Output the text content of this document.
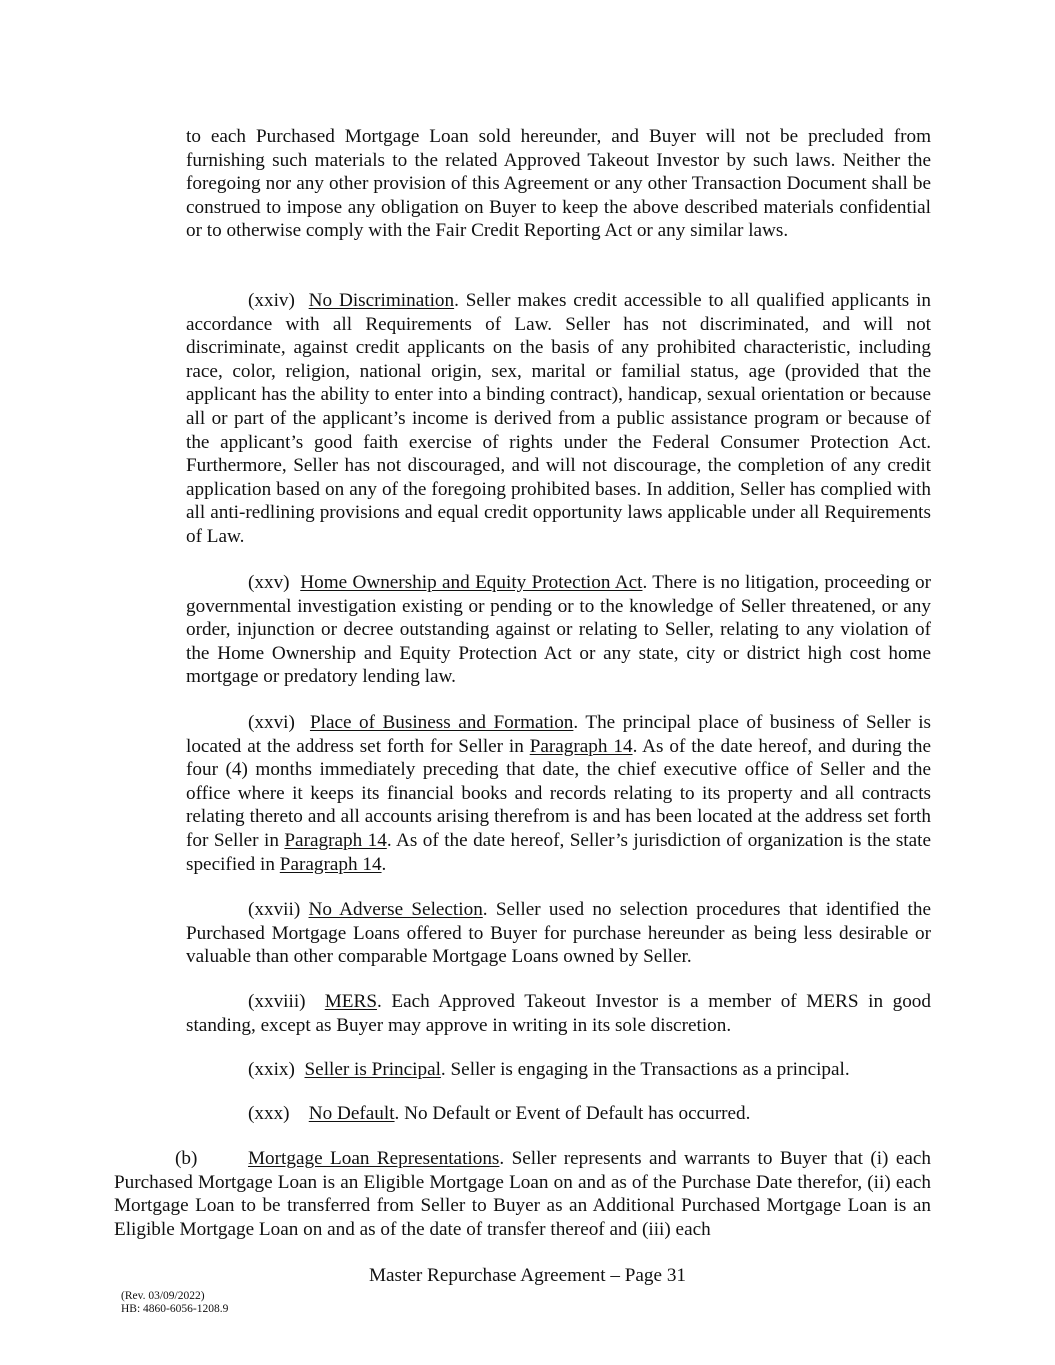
to each Purchased Mortgage Loan sold hereunder, and Buyer will not be precluded from furnishing such materials to the related Approved Takeout Investor by such laws. Neither the foregoing nor any other provision of this Agreement or any other Transaction Document shall be construed to impose any obligation on Buyer to keep the above described materials confidential or to otherwise comply with the Fair Credit Reporting Act or any similar laws.

(xxiv) No Discrimination. Seller makes credit accessible to all qualified applicants in accordance with all Requirements of Law. Seller has not discriminated, and will not discriminate, against credit applicants on the basis of any prohibited characteristic, including race, color, religion, national origin, sex, marital or familial status, age (provided that the applicant has the ability to enter into a binding contract), handicap, sexual orientation or because all or part of the applicant’s income is derived from a public assistance program or because of the applicant’s good faith exercise of rights under the Federal Consumer Protection Act. Furthermore, Seller has not discouraged, and will not discourage, the completion of any credit application based on any of the foregoing prohibited bases. In addition, Seller has complied with all anti-redlining provisions and equal credit opportunity laws applicable under all Requirements of Law.

(xxv) Home Ownership and Equity Protection Act. There is no litigation, proceeding or governmental investigation existing or pending or to the knowledge of Seller threatened, or any order, injunction or decree outstanding against or relating to Seller, relating to any violation of the Home Ownership and Equity Protection Act or any state, city or district high cost home mortgage or predatory lending law.

(xxvi) Place of Business and Formation. The principal place of business of Seller is located at the address set forth for Seller in Paragraph 14. As of the date hereof, and during the four (4) months immediately preceding that date, the chief executive office of Seller and the office where it keeps its financial books and records relating to its property and all contracts relating thereto and all accounts arising therefrom is and has been located at the address set forth for Seller in Paragraph 14. As of the date hereof, Seller’s jurisdiction of organization is the state specified in Paragraph 14.

(xxvii) No Adverse Selection. Seller used no selection procedures that identified the Purchased Mortgage Loans offered to Buyer for purchase hereunder as being less desirable or valuable than other comparable Mortgage Loans owned by Seller.

(xxviii) MERS. Each Approved Takeout Investor is a member of MERS in good standing, except as Buyer may approve in writing in its sole discretion.

(xxix) Seller is Principal. Seller is engaging in the Transactions as a principal.

(xxx) No Default. No Default or Event of Default has occurred.

(b)	Mortgage Loan Representations. Seller represents and warrants to Buyer that (i) each Purchased Mortgage Loan is an Eligible Mortgage Loan on and as of the Purchase Date therefor, (ii) each Mortgage Loan to be transferred from Seller to Buyer as an Additional Purchased Mortgage Loan is an Eligible Mortgage Loan on and as of the date of transfer thereof and (iii) each

Master Repurchase Agreement – Page 31
(Rev. 03/09/2022)
HB: 4860-6056-1208.9
